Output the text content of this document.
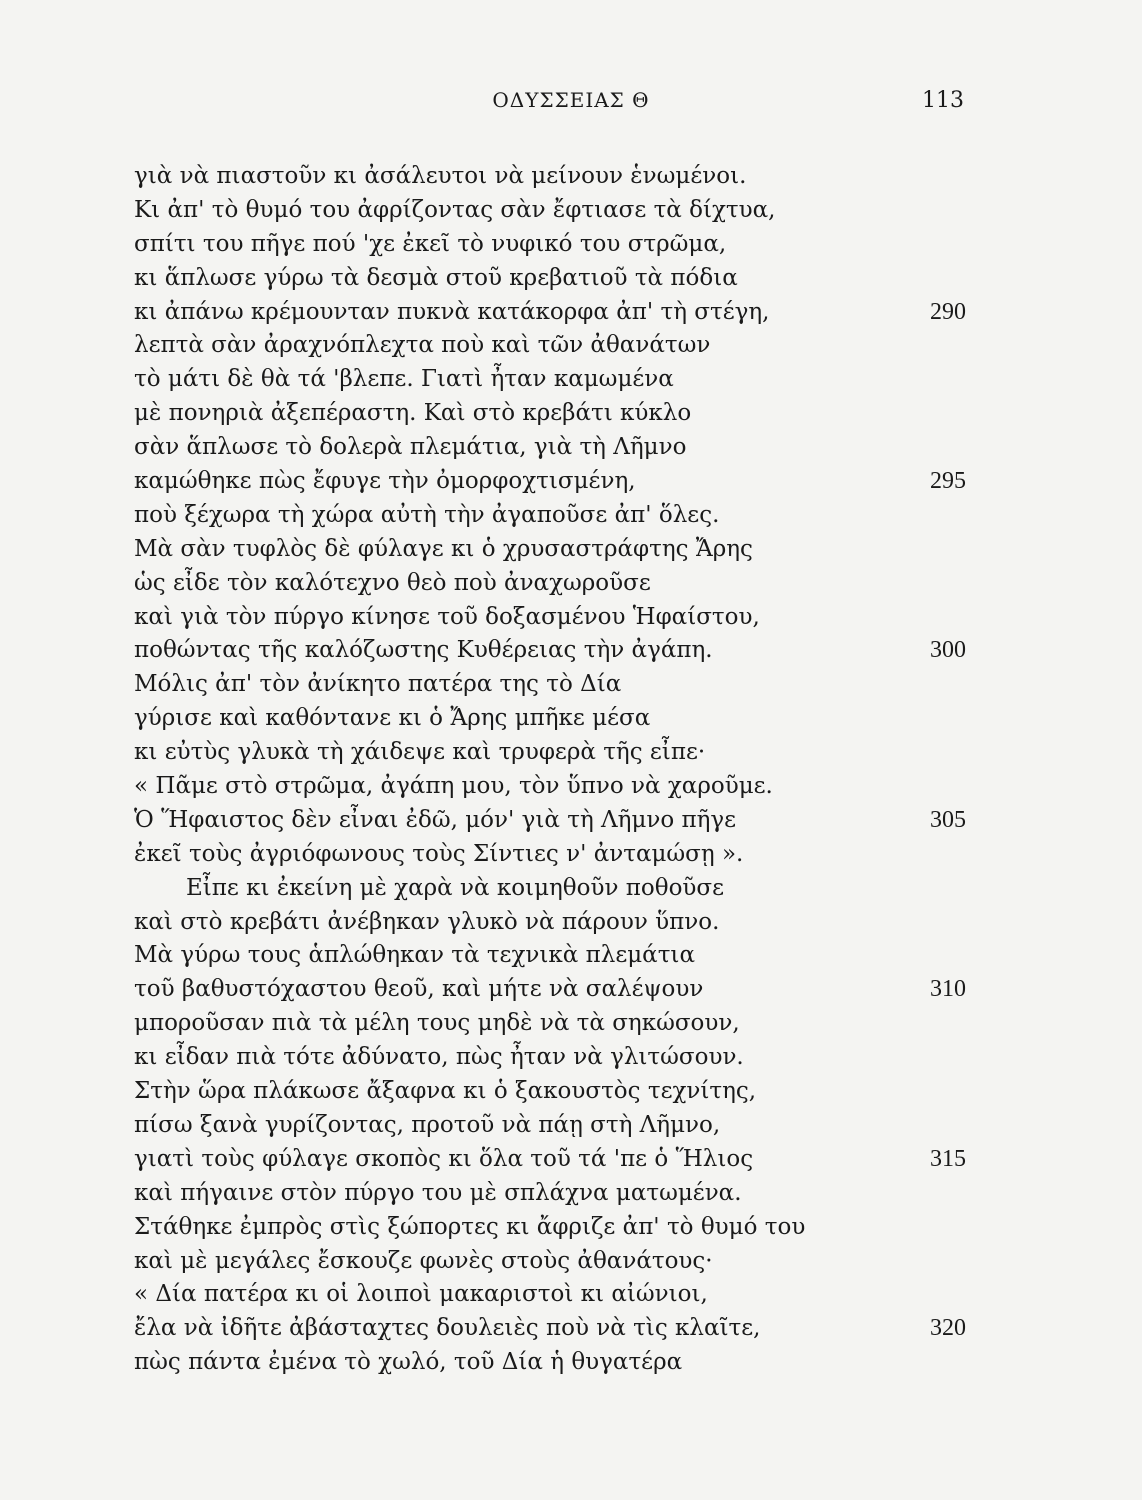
ΟΔΥΣΣΕΙΑΣ Θ	113
γιὰ νὰ πιαστοῦν κι ἀσάλευτοι νὰ μείνουν ἑνωμένοι.
Κι ἀπ' τὸ θυμό του ἀφρίζοντας σὰν ἔφτιασε τὰ δίχτυα,
σπίτι του πῆγε πού 'χε ἐκεῖ τὸ νυφικό του στρῶμα,
κι ἅπλωσε γύρω τὰ δεσμὰ στοῦ κρεβατιοῦ τὰ πόδια
κι ἀπάνω κρέμουνταν πυκνὰ κατάκορφα ἀπ' τὴ στέγη,	290
λεπτὰ σὰν ἀραχνόπλεχτα ποὺ καὶ τῶν ἀθανάτων
τὸ μάτι δὲ θὰ τά 'βλεπε. Γιατὶ ἦταν καμωμένα
μὲ πονηριὰ ἀξεπέραστη. Καὶ στὸ κρεβάτι κύκλο
σὰν ἅπλωσε τὸ δολερὰ πλεμάτια, γιὰ τὴ Λῆμνο
καμώθηκε πὼς ἔφυγε τὴν ὀμορφοχτισμένη,	295
ποὺ ξέχωρα τὴ χώρα αὐτὴ τὴν ἀγαποῦσε ἀπ' ὅλες.
Μὰ σὰν τυφλὸς δὲ φύλαγε κι ὁ χρυσαστράφτης Ἄρης
ὡς εἶδε τὸν καλότεχνο θεὸ ποὺ ἀναχωροῦσε
καὶ γιὰ τὸν πύργο κίνησε τοῦ δοξασμένου Ἡφαίστου,
ποθώντας τῆς καλόζωστης Κυθέρειας τὴν ἀγάπη.	300
Μόλις ἀπ' τὸν ἀνίκητο πατέρα της τὸ Δία
γύρισε καὶ καθόντανε κι ὁ Ἄρης μπῆκε μέσα
κι εὐτὺς γλυκὰ τὴ χάιδεψε καὶ τρυφερὰ τῆς εἶπε·
« Πᾶμε στὸ στρῶμα, ἀγάπη μου, τὸν ὕπνο νὰ χαροῦμε.
Ὁ Ἥφαιστος δὲν εἶναι ἐδῶ, μόν' γιὰ τὴ Λῆμνο πῆγε	305
ἐκεῖ τοὺς ἀγριόφωνους τοὺς Σίντιες ν' ἀνταμώσῃ ».
Εἶπε κι ἐκείνη μὲ χαρὰ νὰ κοιμηθοῦν ποθοῦσε
καὶ στὸ κρεβάτι ἀνέβηκαν γλυκὸ νὰ πάρουν ὕπνο.
Μὰ γύρω τους ἁπλώθηκαν τὰ τεχνικὰ πλεμάτια
τοῦ βαθυστόχαστου θεοῦ, καὶ μήτε νὰ σαλέψουν	310
μποροῦσαν πιὰ τὰ μέλη τους μηδὲ νὰ τὰ σηκώσουν,
κι εἶδαν πιὰ τότε ἀδύνατο, πὼς ἦταν νὰ γλιτώσουν.
Στὴν ὥρα πλάκωσε ἄξαφνα κι ὁ ξακουστὸς τεχνίτης,
πίσω ξανὰ γυρίζοντας, προτοῦ νὰ πάῃ στὴ Λῆμνο,
γιατὶ τοὺς φύλαγε σκοπὸς κι ὅλα τοῦ τά 'πε ὁ Ἥλιος	315
καὶ πήγαινε στὸν πύργο του μὲ σπλάχνα ματωμένα.
Στάθηκε ἐμπρὸς στὶς ξώπορτες κι ἄφριζε ἀπ' τὸ θυμό του
καὶ μὲ μεγάλες ἔσκουζε φωνὲς στοὺς ἀθανάτους·
« Δία πατέρα κι οἱ λοιποὶ μακαριστοὶ κι αἰώνιοι,
ἔλα νὰ ἰδῆτε ἀβάσταχτες δουλειὲς ποὺ νὰ τὶς κλαῖτε,	320
πὼς πάντα ἐμένα τὸ χωλό, τοῦ Δία ἡ θυγατέρα
